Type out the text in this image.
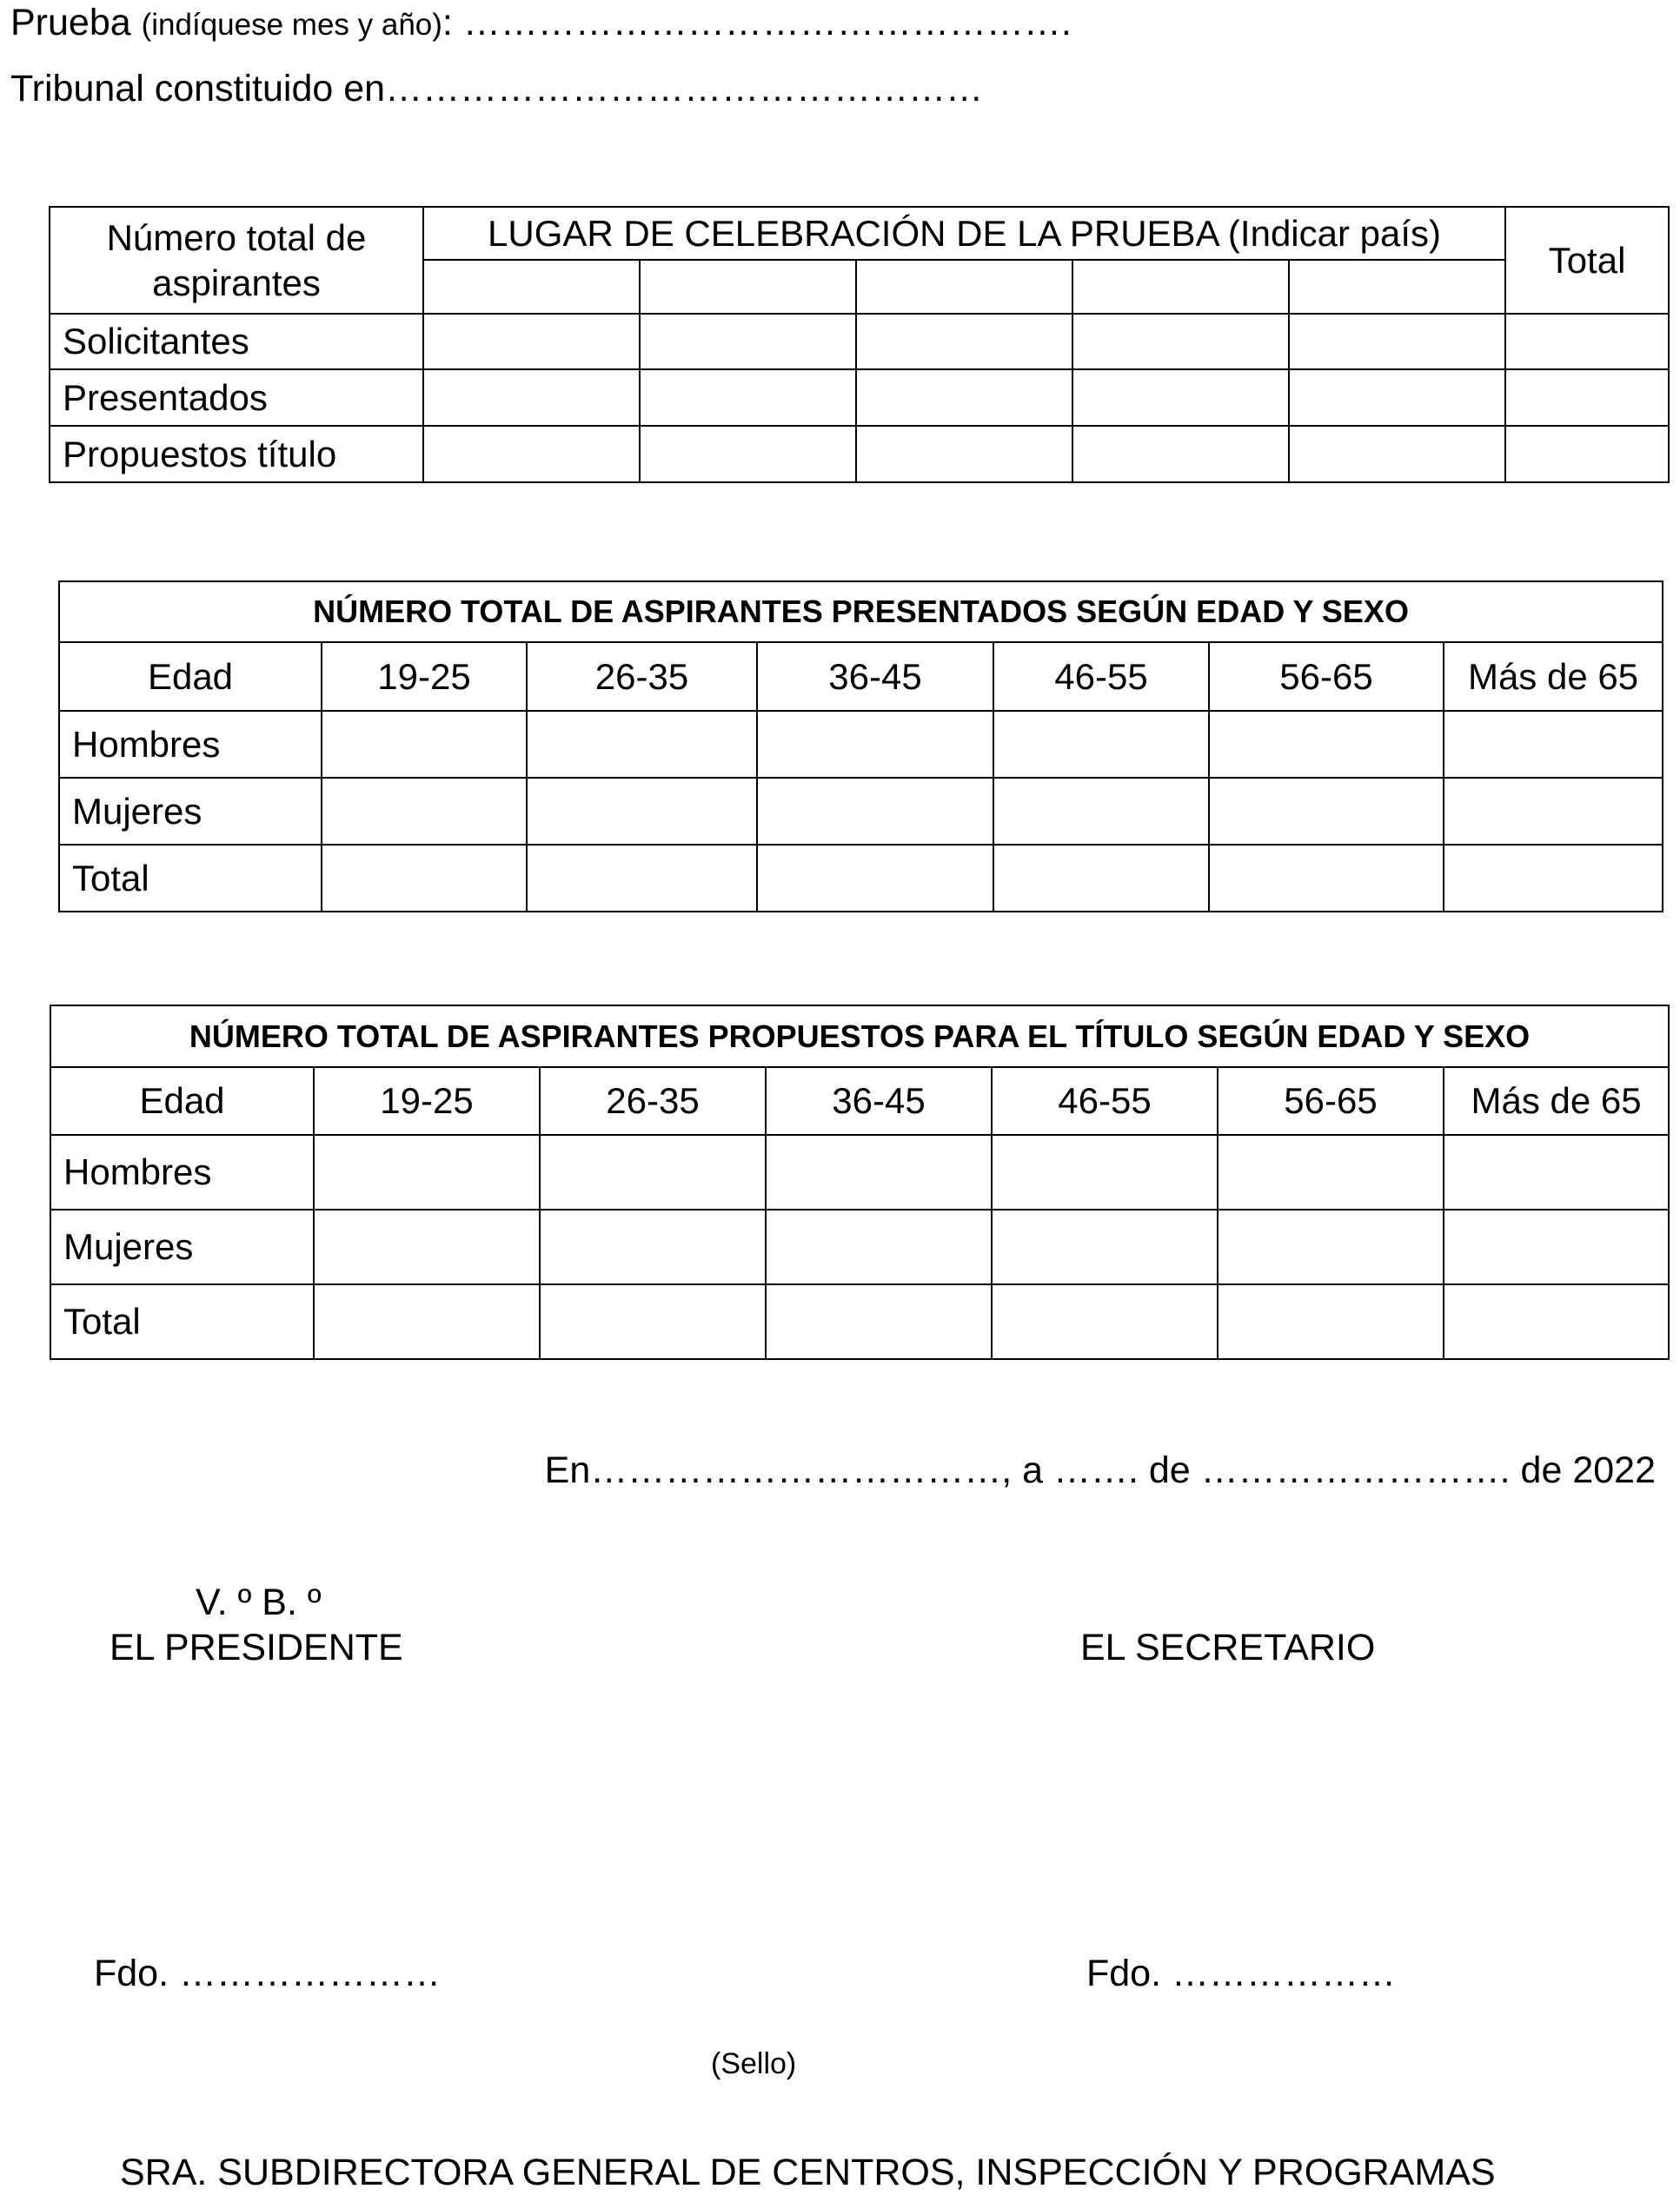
Prueba (indíquese mes y año): ………………………………………….
Tribunal constituido en…………………………………………
Número total de aspirantes	LUGAR DE CELEBRACIÓN DE LA PRUEBA (Indicar país)					Total

Solicitantes						
Presentados						
Propuestos título						
NÚMERO TOTAL DE ASPIRANTES PRESENTADOS SEGÚN EDAD Y SEXO						
Edad	19-25	26-35	36-45	46-55	56-65	Más de 65
Hombres						
Mujeres						
Total						
NÚMERO TOTAL DE ASPIRANTES PROPUESTOS PARA EL TÍTULO SEGÚN EDAD Y SEXO						
Edad	19-25	26-35	36-45	46-55	56-65	Más de 65
Hombres						
Mujeres						
Total						
En……………………………, a ……. de ……………………. de 2022
V. º B. º
EL PRESIDENTE	EL SECRETARIO
Fdo. …………………	Fdo. ………………
(Sello)
SRA. SUBDIRECTORA GENERAL DE CENTROS, INSPECCIÓN Y PROGRAMAS
